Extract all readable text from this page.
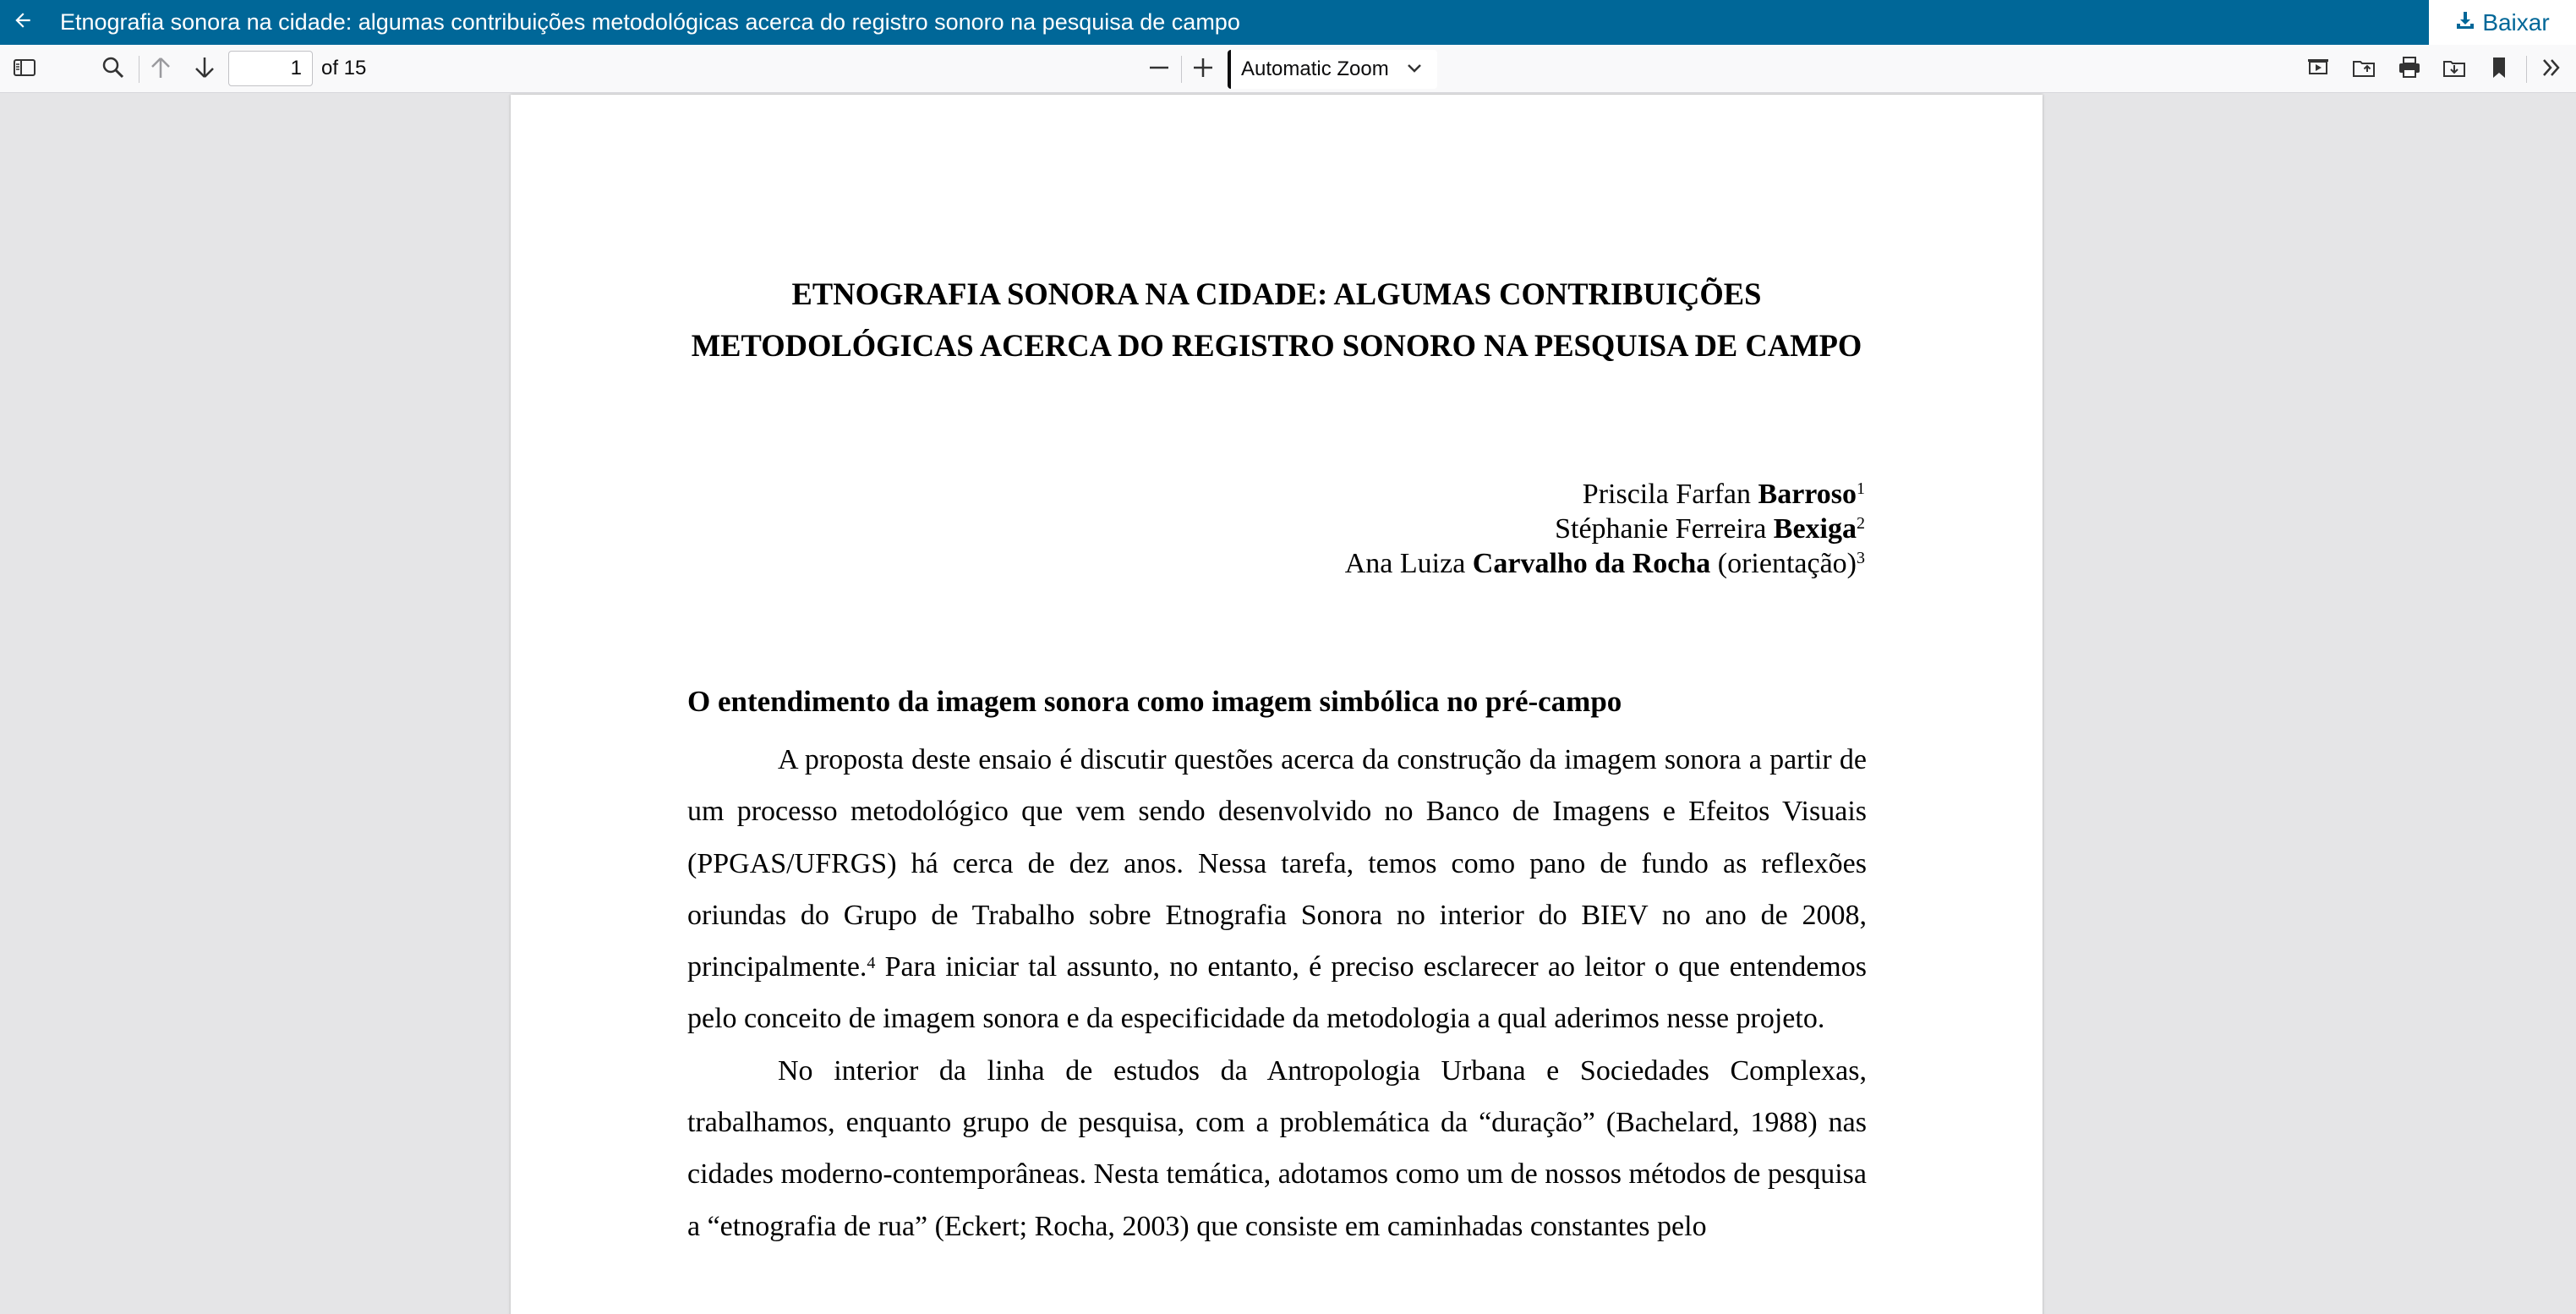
Etnografia sonora na cidade: algumas contribuições metodológicas acerca do registro sonoro na pesquisa de campo	Baixar
1
of 15	Automatic Zoom
ETNOGRAFIA SONORA NA CIDADE: ALGUMAS CONTRIBUIÇÕES
METODOLÓGICAS ACERCA DO REGISTRO SONORO NA PESQUISA DE CAMPO
Priscila Farfan Barroso$^1$
Stéphanie Ferreira Bexiga$^2$
Ana Luiza Carvalho da Rocha (orientação)$^3$
O entendimento da imagem sonora como imagem simbólica no pré-campo

A proposta deste ensaio é discutir questões acerca da construção da imagem sonora a partir de um processo metodológico que vem sendo desenvolvido no Banco de Imagens e Efeitos Visuais (PPGAS/UFRGS) há cerca de dez anos. Nessa tarefa, temos como pano de fundo as reflexões oriundas do Grupo de Trabalho sobre Etnografia Sonora no interior do BIEV no ano de 2008, principalmente.$^4$ Para iniciar tal assunto, no entanto, é preciso esclarecer ao leitor o que entendemos pelo conceito de imagem sonora e da especificidade da metodologia a qual aderimos nesse projeto.

No interior da linha de estudos da Antropologia Urbana e Sociedades Complexas, trabalhamos, enquanto grupo de pesquisa, com a problemática da “duração” (Bachelard, 1988) nas cidades moderno-contemporâneas. Nesta temática, adotamos como um de nossos métodos de pesquisa a “etnografia de rua” (Eckert; Rocha, 2003) que consiste em caminhadas constantes pelo
